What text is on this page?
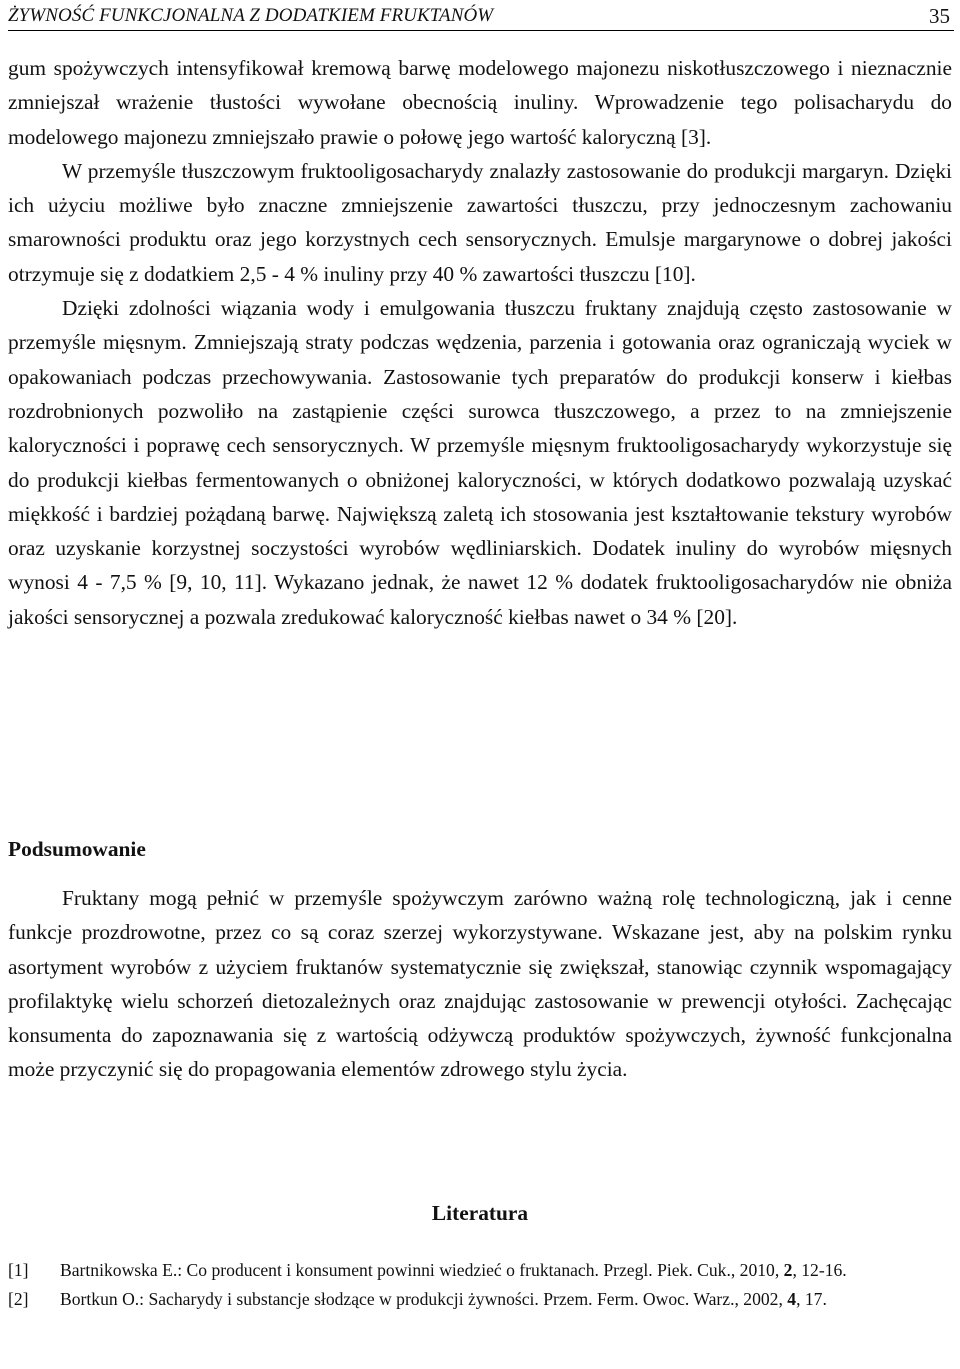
ŻYWNOŚĆ FUNKCJONALNA Z DODATKIEM FRUKTANÓW	35

gum spożywczych intensyfikował kremową barwę modelowego majonezu niskotłuszczowego i nieznacznie zmniejszał wrażenie tłustości wywołane obecnością inuliny. Wprowadzenie tego polisacharydu do modelowego majonezu zmniejszało prawie o połowę jego wartość kaloryczną [3].

W przemyśle tłuszczowym fruktooligosacharydy znalazły zastosowanie do produkcji margaryn. Dzięki ich użyciu możliwe było znaczne zmniejszenie zawartości tłuszczu, przy jednoczesnym zachowaniu smarowności produktu oraz jego korzystnych cech sensorycznych. Emulsje margarynowe o dobrej jakości otrzymuje się z dodatkiem 2,5 - 4 % inuliny przy 40 % zawartości tłuszczu [10].

Dzięki zdolności wiązania wody i emulgowania tłuszczu fruktany znajdują często zastosowanie w przemyśle mięsnym. Zmniejszają straty podczas wędzenia, parzenia i gotowania oraz ograniczają wyciek w opakowaniach podczas przechowywania. Zastosowanie tych preparatów do produkcji konserw i kiełbas rozdrobnionych pozwoliło na zastąpienie części surowca tłuszczowego, a przez to na zmniejszenie kaloryczności i poprawę cech sensorycznych. W przemyśle mięsnym fruktooligosacharydy wykorzystuje się do produkcji kiełbas fermentowanych o obniżonej kaloryczności, w których dodatkowo pozwalają uzyskać miękkość i bardziej pożądaną barwę. Największą zaletą ich stosowania jest kształtowanie tekstury wyrobów oraz uzyskanie korzystnej soczystości wyrobów wędliniarskich. Dodatek inuliny do wyrobów mięsnych wynosi 4 - 7,5 % [9, 10, 11]. Wykazano jednak, że nawet 12 % dodatek fruktooligosacharydów nie obniża jakości sensorycznej a pozwala zredukować kaloryczność kiełbas nawet o 34 % [20].

Podsumowanie

Fruktany mogą pełnić w przemyśle spożywczym zarówno ważną rolę technologiczną, jak i cenne funkcje prozdrowotne, przez co są coraz szerzej wykorzystywane. Wskazane jest, aby na polskim rynku asortyment wyrobów z użyciem fruktanów systematycznie się zwiększał, stanowiąc czynnik wspomagający profilaktykę wielu schorzeń dietozależnych oraz znajdując zastosowanie w prewencji otyłości. Zachęcając konsumenta do zapoznawania się z wartością odżywczą produktów spożywczych, żywność funkcjonalna może przyczynić się do propagowania elementów zdrowego stylu życia.

Literatura
[1] Bartnikowska E.: Co producent i konsument powinni wiedzieć o fruktanach. Przegl. Piek. Cuk., 2010, 2, 12-16.
[2] Bortkun O.: Sacharydy i substancje słodzące w produkcji żywności. Przem. Ferm. Owoc. Warz., 2002, 4, 17.
